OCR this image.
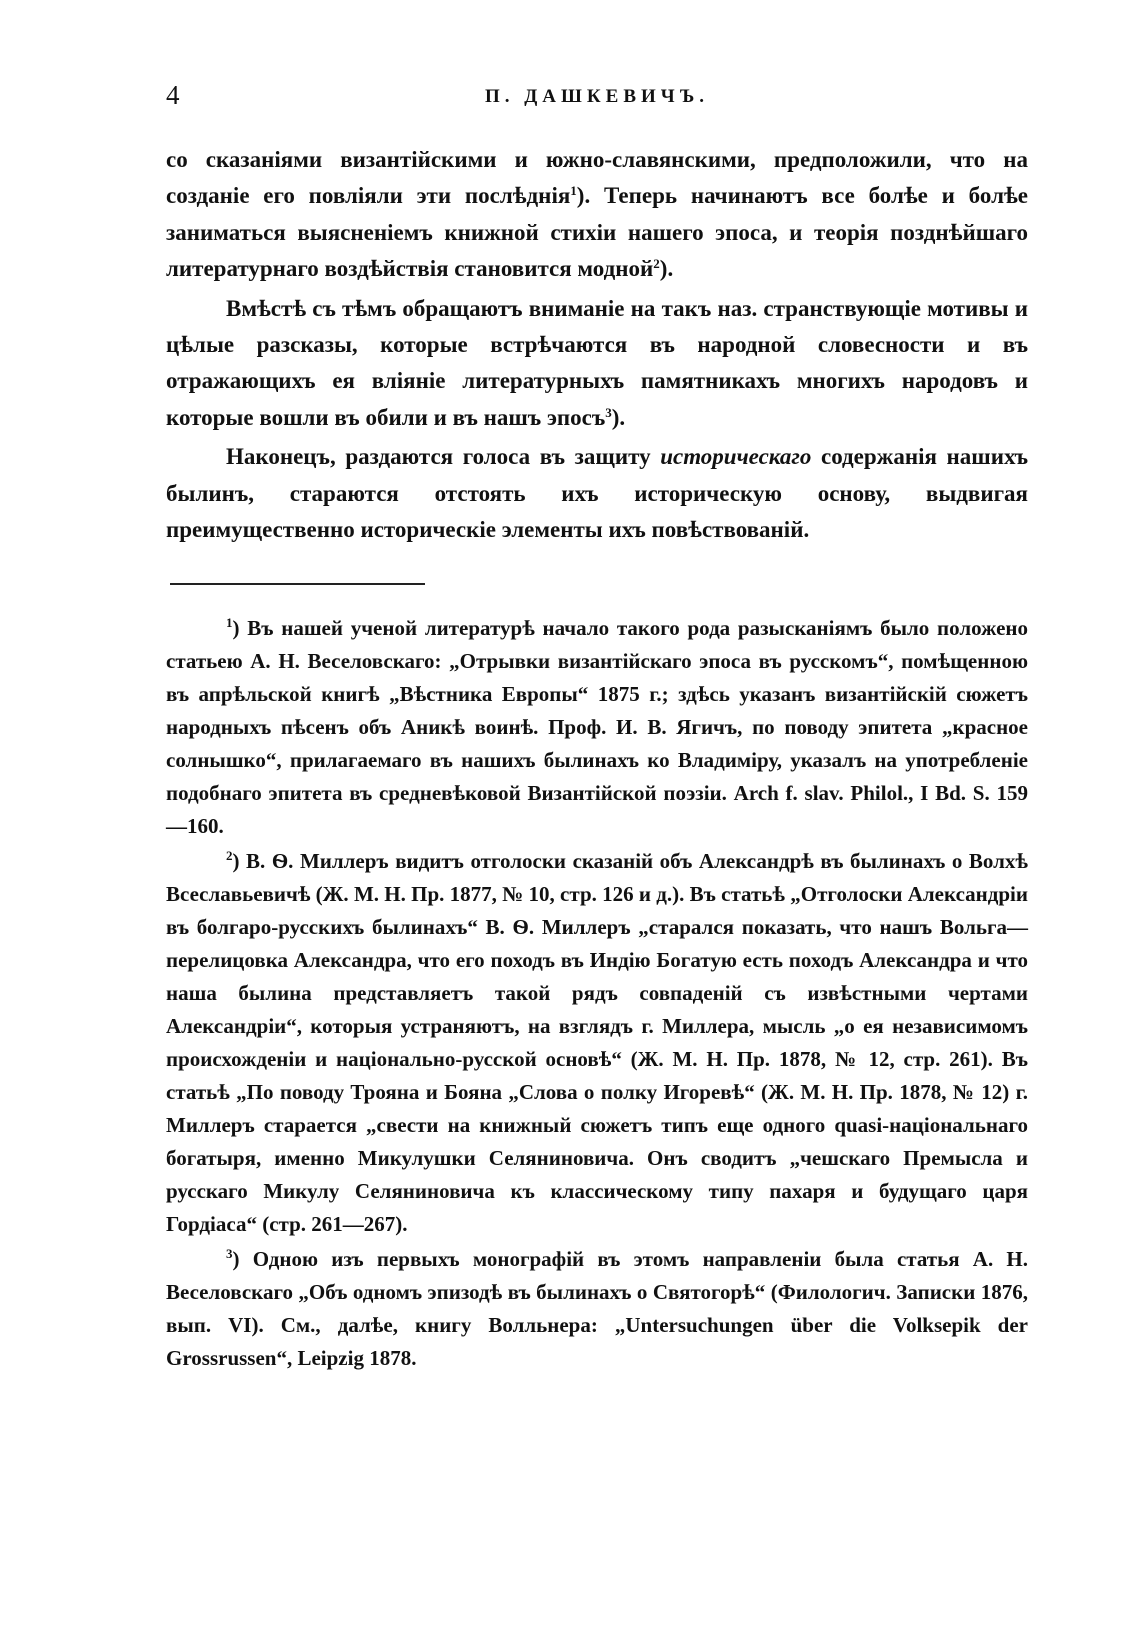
4	П. ДАШКЕВИЧЪ.

со сказаніями византійскими и южно-славянскими, предположили, что на созданіе его повліяли эти послѣднія$^1$). Теперь начинаютъ все болѣе и болѣе заниматься выясненіемъ книжной стихіи нашего эпоса, и теорія позднѣйшаго литературнаго воздѣйствія становится модной$^2$).

Вмѣстѣ съ тѣмъ обращаютъ вниманіе на такъ наз. странствующіе мотивы и цѣлые разсказы, которые встрѣчаются въ народной словесности и въ отражающихъ ея вліяніе литературныхъ памятникахъ многихъ народовъ и которые вошли въ обили и въ нашъ эпосъ$^3$).

Наконецъ, раздаются голоса въ защиту историческаго содержанія нашихъ былинъ, стараются отстоять ихъ историческую основу, выдвигая преимущественно историческіе элементы ихъ повѣствованій.

$^1$) Въ нашей ученой литературѣ начало такого рода разысканіямъ было положено статьею А. Н. Веселовскаго: „Отрывки византійскаго эпоса въ русскомъ“, помѣщенною въ апрѣльской книгѣ „Вѣстника Европы“ 1875 г.; здѣсь указанъ византійскій сюжетъ народныхъ пѣсенъ объ Аникѣ воинѣ. Проф. И. В. Ягичъ, по поводу эпитета „красное солнышко“, прилагаемаго въ нашихъ былинахъ ко Владиміру, указалъ на употребленіе подобнаго эпитета въ средневѣковой Византійской поэзіи. Arch f. slav. Philol., I Bd. S. 159—160.

$^2$) В. Ѳ. Миллеръ видитъ отголоски сказаній объ Александрѣ въ былинахъ о Волхѣ Всеславьевичѣ (Ж. М. Н. Пр. 1877, № 10, стр. 126 и д.). Въ статьѣ „Отголоски Александріи въ болгаро-русскихъ былинахъ“ В. Ѳ. Миллеръ „старался показать, что нашъ Вольга—перелицовка Александра, что его походъ въ Индію Богатую есть походъ Александра и что наша былина представляетъ такой рядъ совпаденій съ извѣстными чертами Александріи“, которыя устраняютъ, на взглядъ г. Миллера, мысль „о ея независимомъ происхожденіи и національно-русской основѣ“ (Ж. М. Н. Пр. 1878, № 12, стр. 261). Въ статьѣ „По поводу Трояна и Бояна „Слова о полку Игоревѣ“ (Ж. М. Н. Пр. 1878, № 12) г. Миллеръ старается „свести на книжный сюжетъ типъ еще одного quasi-національнаго богатыря, именно Микулушки Селяниновича. Онъ сводитъ „чешскаго Премысла и русскаго Микулу Селяниновича къ классическому типу пахаря и будущаго царя Гордіаса“ (стр. 261—267).

$^3$) Одною изъ первыхъ монографій въ этомъ направленіи была статья А. Н. Веселовскаго „Объ одномъ эпизодѣ въ былинахъ о Святогорѣ“ (Филологич. Записки 1876, вып. VI). См., далѣе, книгу Волльнера: „Untersuchungen über die Volksepik der Grossrussen“, Leipzig 1878.
